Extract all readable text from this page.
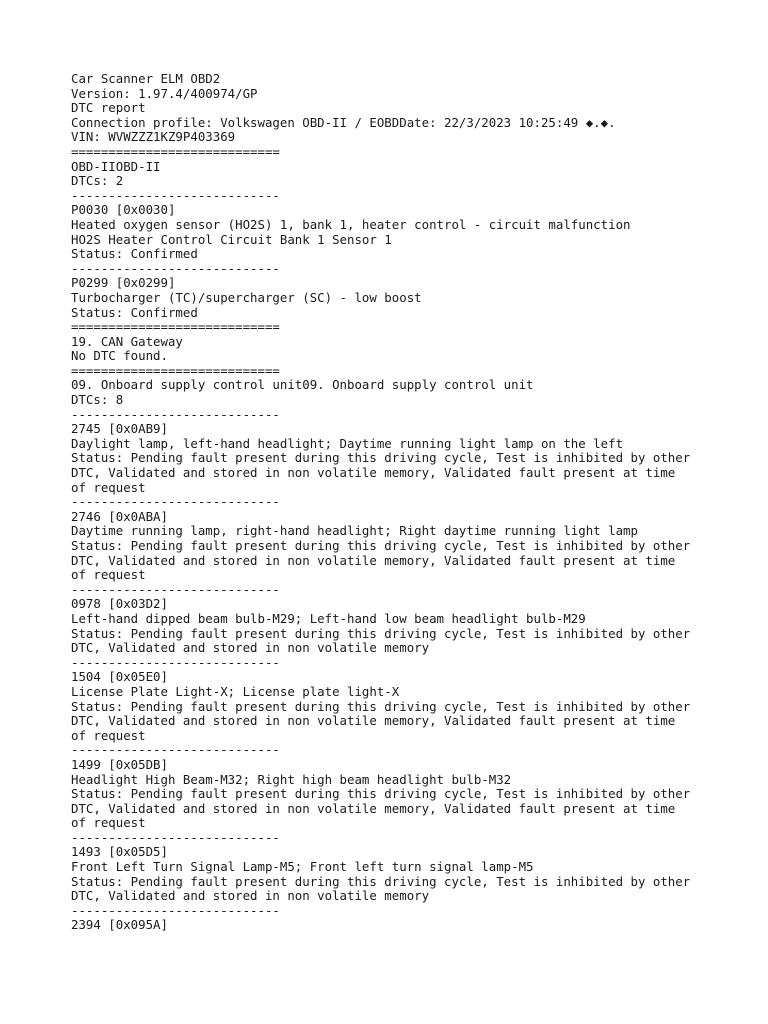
Car Scanner ELM OBD2
Version: 1.97.4/400974/GP
DTC report
Connection profile: Volkswagen OBD-II / EOBDDate: 22/3/2023 10:25:49 ◆.◆.
VIN: WVWZZZ1KZ9P403369
============================
OBD-IIOBD-II
DTCs: 2
----------------------------
P0030 [0x0030]
Heated oxygen sensor (HO2S) 1, bank 1, heater control - circuit malfunction
HO2S Heater Control Circuit Bank 1 Sensor 1
Status: Confirmed
----------------------------
P0299 [0x0299]
Turbocharger (TC)/supercharger (SC) - low boost
Status: Confirmed
============================
19. CAN Gateway
No DTC found.
============================
09. Onboard supply control unit09. Onboard supply control unit
DTCs: 8
----------------------------
2745 [0x0AB9]
Daylight lamp, left-hand headlight; Daytime running light lamp on the left
Status: Pending fault present during this driving cycle, Test is inhibited by other
DTC, Validated and stored in non volatile memory, Validated fault present at time
of request
----------------------------
2746 [0x0ABA]
Daytime running lamp, right-hand headlight; Right daytime running light lamp
Status: Pending fault present during this driving cycle, Test is inhibited by other
DTC, Validated and stored in non volatile memory, Validated fault present at time
of request
----------------------------
0978 [0x03D2]
Left-hand dipped beam bulb-M29; Left-hand low beam headlight bulb-M29
Status: Pending fault present during this driving cycle, Test is inhibited by other
DTC, Validated and stored in non volatile memory
----------------------------
1504 [0x05E0]
License Plate Light-X; License plate light-X
Status: Pending fault present during this driving cycle, Test is inhibited by other
DTC, Validated and stored in non volatile memory, Validated fault present at time
of request
----------------------------
1499 [0x05DB]
Headlight High Beam-M32; Right high beam headlight bulb-M32
Status: Pending fault present during this driving cycle, Test is inhibited by other
DTC, Validated and stored in non volatile memory, Validated fault present at time
of request
----------------------------
1493 [0x05D5]
Front Left Turn Signal Lamp-M5; Front left turn signal lamp-M5
Status: Pending fault present during this driving cycle, Test is inhibited by other
DTC, Validated and stored in non volatile memory
----------------------------
2394 [0x095A]
